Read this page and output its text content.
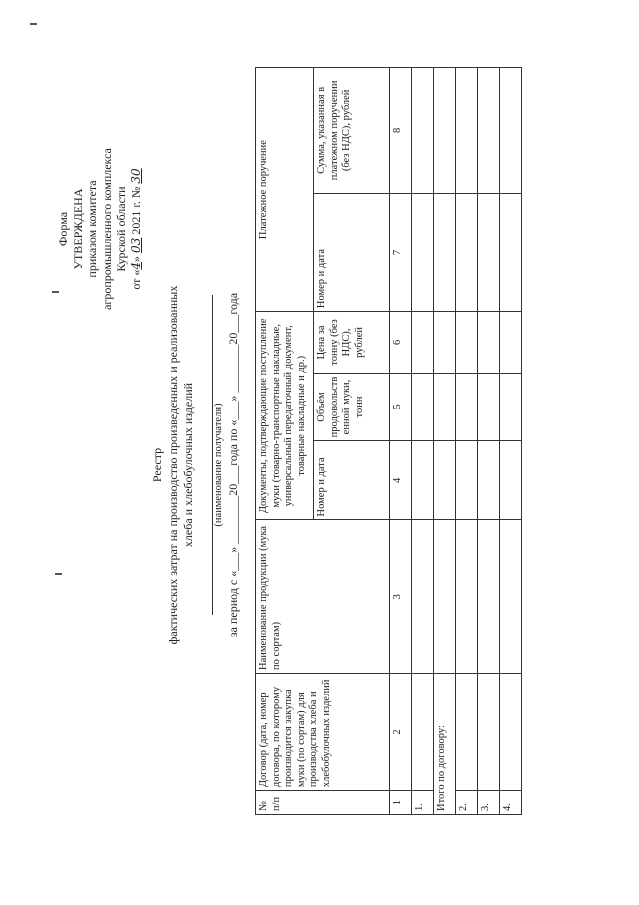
Форма УТВЕРЖДЕНА приказом комитета агропромышленного комплекса Курской области
от «4» 03 2021 г. № 30
Реестр фактических затрат на производство произведенных и реализованных хлеба и хлебобулочных изделий (наименование получателя) за период с «___» ________20___года по «___» ________20___года
№ п/п	Договор (дата, номер договора, по которому производится закупка муки (по сортам) для производства хлеба и хлебобулочных изделий	Наименование продукции (мука по сортам)	Документы, подтверждающие поступление муки (товарно-транспортные накладные, универсальный передаточный документ, товарные накладные и др.)			Платежное поручение	
			Номер и дата	Объём продовольств енной муки, тонн	Цена за тонну (без НДС), рублей	Номер и дата	Сумма, указанная в платежном поручении (без НДС), рублей
1	2	3	4	5	6	7	8
1.							
Итого по договору:							
2.							
3.							
4.							
